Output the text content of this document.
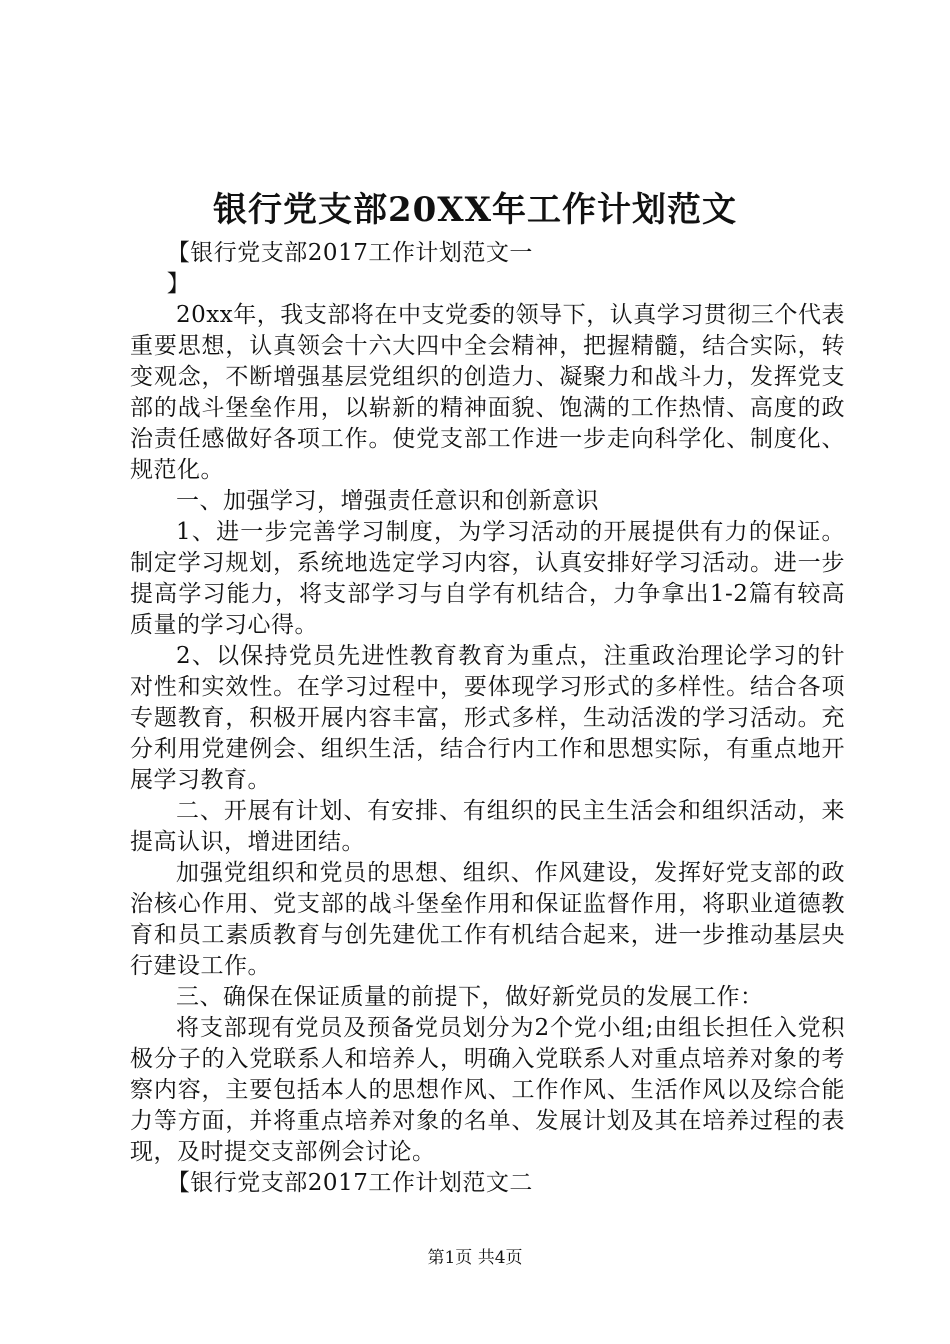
银行党支部20XX年工作计划范文

【银行党支部2017工作计划范文一

】

20xx年，我支部将在中支党委的领导下，认真学习贯彻三个代表重要思想，认真领会十六大四中全会精神，把握精髓，结合实际，转变观念，不断增强基层党组织的创造力、凝聚力和战斗力，发挥党支部的战斗堡垒作用，以崭新的精神面貌、饱满的工作热情、高度的政治责任感做好各项工作。使党支部工作进一步走向科学化、制度化、规范化。

一、加强学习，增强责任意识和创新意识

1、进一步完善学习制度，为学习活动的开展提供有力的保证。制定学习规划，系统地选定学习内容，认真安排好学习活动。进一步提高学习能力，将支部学习与自学有机结合，力争拿出1-2篇有较高质量的学习心得。

2、以保持党员先进性教育教育为重点，注重政治理论学习的针对性和实效性。在学习过程中，要体现学习形式的多样性。结合各项专题教育，积极开展内容丰富，形式多样，生动活泼的学习活动。充分利用党建例会、组织生活，结合行内工作和思想实际，有重点地开展学习教育。

二、开展有计划、有安排、有组织的民主生活会和组织活动，来提高认识，增进团结。

加强党组织和党员的思想、组织、作风建设，发挥好党支部的政治核心作用、党支部的战斗堡垒作用和保证监督作用，将职业道德教育和员工素质教育与创先建优工作有机结合起来，进一步推动基层央行建设工作。

三、确保在保证质量的前提下，做好新党员的发展工作：

将支部现有党员及预备党员划分为2个党小组;由组长担任入党积极分子的入党联系人和培养人，明确入党联系人对重点培养对象的考察内容，主要包括本人的思想作风、工作作风、生活作风以及综合能力等方面，并将重点培养对象的名单、发展计划及其在培养过程的表现，及时提交支部例会讨论。

【银行党支部2017工作计划范文二

第1页 共4页
